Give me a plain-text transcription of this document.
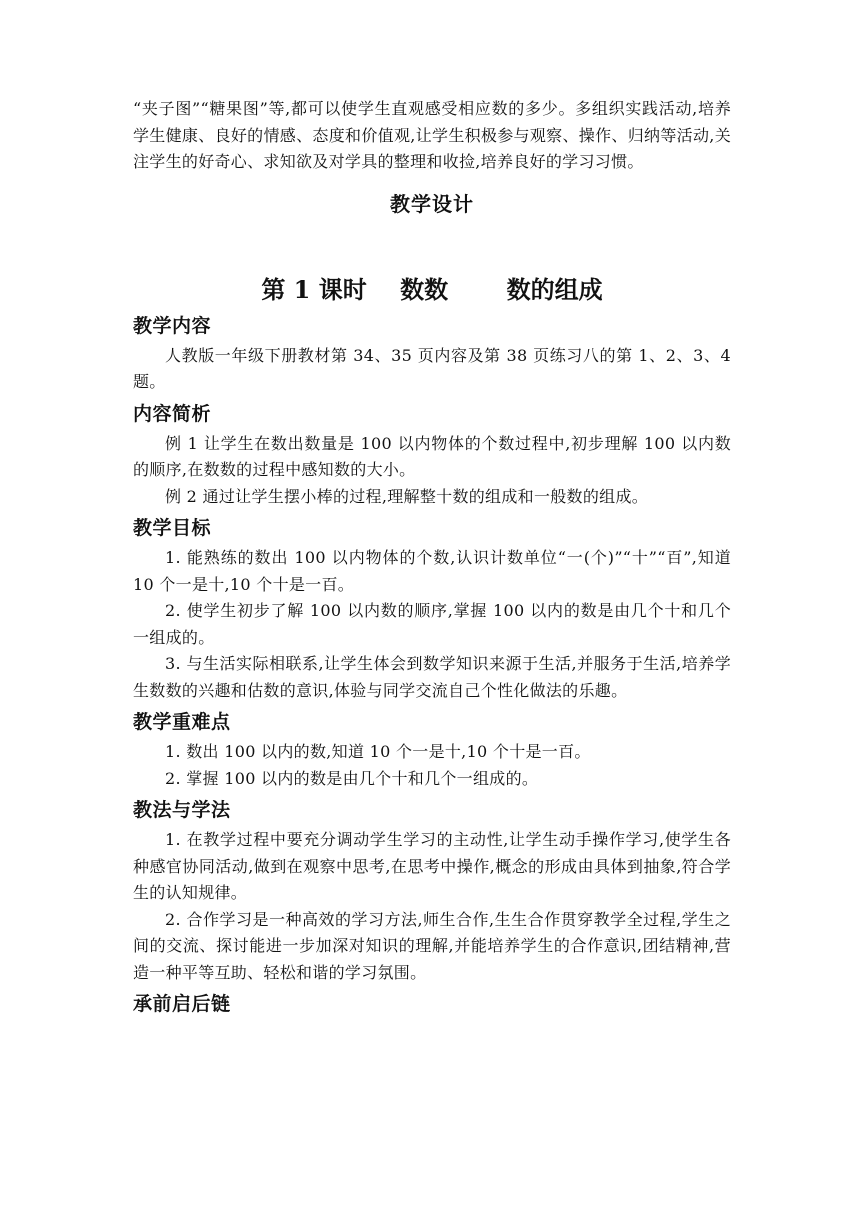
“夹子图”“糖果图”等,都可以使学生直观感受相应数的多少。多组织实践活动,培养学生健康、良好的情感、态度和价值观,让学生积极参与观察、操作、归纳等活动,关注学生的好奇心、求知欲及对学具的整理和收捡,培养良好的学习习惯。

教学设计
第 1 课时    数数       数的组成
教学内容

人教版一年级下册教材第 34、35 页内容及第 38 页练习八的第 1、2、3、4 题。

内容简析

例 1 让学生在数出数量是 100 以内物体的个数过程中,初步理解 100 以内数的顺序,在数数的过程中感知数的大小。

例 2 通过让学生摆小棒的过程,理解整十数的组成和一般数的组成。

教学目标

1. 能熟练的数出 100 以内物体的个数,认识计数单位“一(个)”“十”“百”,知道 10 个一是十,10 个十是一百。

2. 使学生初步了解 100 以内数的顺序,掌握 100 以内的数是由几个十和几个一组成的。

3. 与生活实际相联系,让学生体会到数学知识来源于生活,并服务于生活,培养学生数数的兴趣和估数的意识,体验与同学交流自己个性化做法的乐趣。

教学重难点

1. 数出 100 以内的数,知道 10 个一是十,10 个十是一百。

2. 掌握 100 以内的数是由几个十和几个一组成的。

教法与学法

1. 在教学过程中要充分调动学生学习的主动性,让学生动手操作学习,使学生各种感官协同活动,做到在观察中思考,在思考中操作,概念的形成由具体到抽象,符合学生的认知规律。

2. 合作学习是一种高效的学习方法,师生合作,生生合作贯穿教学全过程,学生之间的交流、探讨能进一步加深对知识的理解,并能培养学生的合作意识,团结精神,营造一种平等互助、轻松和谐的学习氛围。

承前启后链
